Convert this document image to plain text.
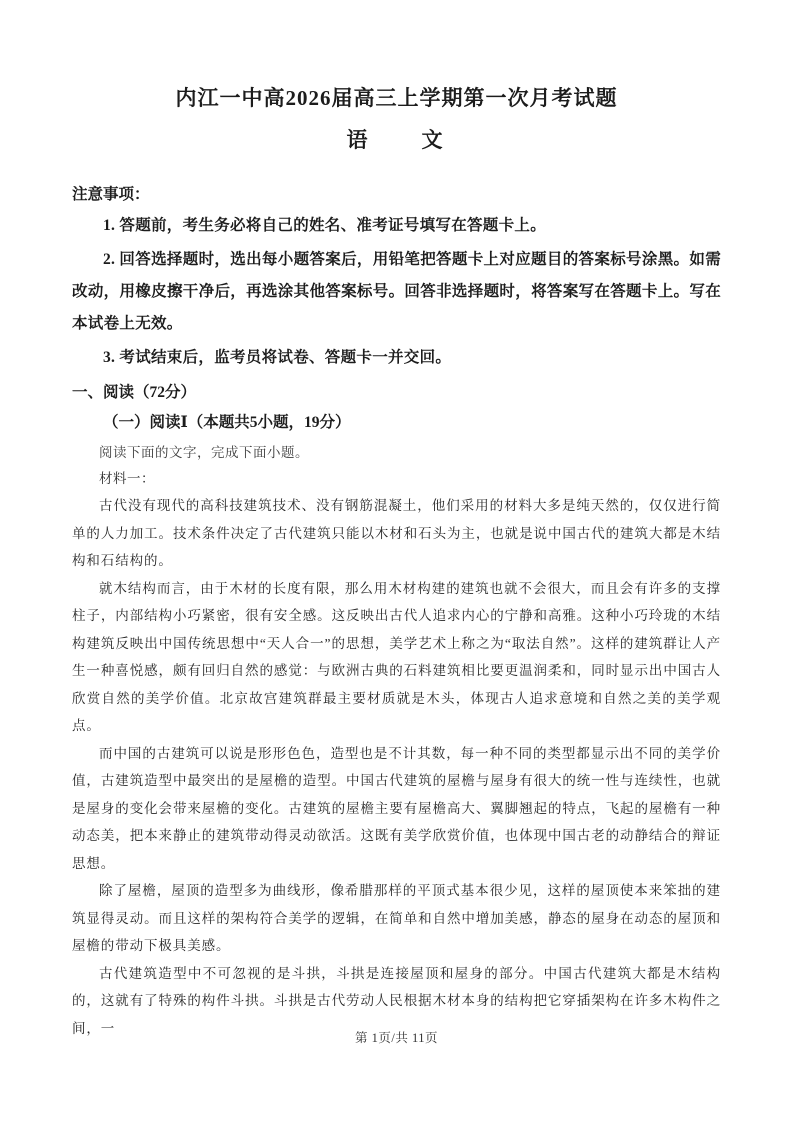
内江一中高2026届高三上学期第一次月考试题
语　　文

注意事项：

1. 答题前，考生务必将自己的姓名、准考证号填写在答题卡上。

2. 回答选择题时，选出每小题答案后，用铅笔把答题卡上对应题目的答案标号涂黑。如需改动，用橡皮擦干净后，再选涂其他答案标号。回答非选择题时，将答案写在答题卡上。写在本试卷上无效。

3. 考试结束后，监考员将试卷、答题卡一并交回。

一、阅读（72分）

（一）阅读Ⅰ（本题共5小题，19分）

阅读下面的文字，完成下面小题。

材料一：

古代没有现代的高科技建筑技术、没有钢筋混凝土，他们采用的材料大多是纯天然的，仅仅进行简单的人力加工。技术条件决定了古代建筑只能以木材和石头为主，也就是说中国古代的建筑大都是木结构和石结构的。

就木结构而言，由于木材的长度有限，那么用木材构建的建筑也就不会很大，而且会有许多的支撑柱子，内部结构小巧紧密，很有安全感。这反映出古代人追求内心的宁静和高雅。这种小巧玲珑的木结构建筑反映出中国传统思想中“天人合一”的思想，美学艺术上称之为“取法自然”。这样的建筑群让人产生一种喜悦感，颇有回归自然的感觉：与欧洲古典的石料建筑相比要更温润柔和，同时显示出中国古人欣赏自然的美学价值。北京故宫建筑群最主要材质就是木头，体现古人追求意境和自然之美的美学观点。

而中国的古建筑可以说是形形色色，造型也是不计其数，每一种不同的类型都显示出不同的美学价值，古建筑造型中最突出的是屋檐的造型。中国古代建筑的屋檐与屋身有很大的统一性与连续性，也就是屋身的变化会带来屋檐的变化。古建筑的屋檐主要有屋檐高大、翼脚翘起的特点，飞起的屋檐有一种动态美，把本来静止的建筑带动得灵动欲活。这既有美学欣赏价值，也体现中国古老的动静结合的辩证思想。

除了屋檐，屋顶的造型多为曲线形，像希腊那样的平顶式基本很少见，这样的屋顶使本来笨拙的建筑显得灵动。而且这样的架构符合美学的逻辑，在简单和自然中增加美感，静态的屋身在动态的屋顶和屋檐的带动下极具美感。

古代建筑造型中不可忽视的是斗拱，斗拱是连接屋顶和屋身的部分。中国古代建筑大都是木结构的，这就有了特殊的构件斗拱。斗拱是古代劳动人民根据木材本身的结构把它穿插架构在许多木构件之间，一

第 1页/共 11页
